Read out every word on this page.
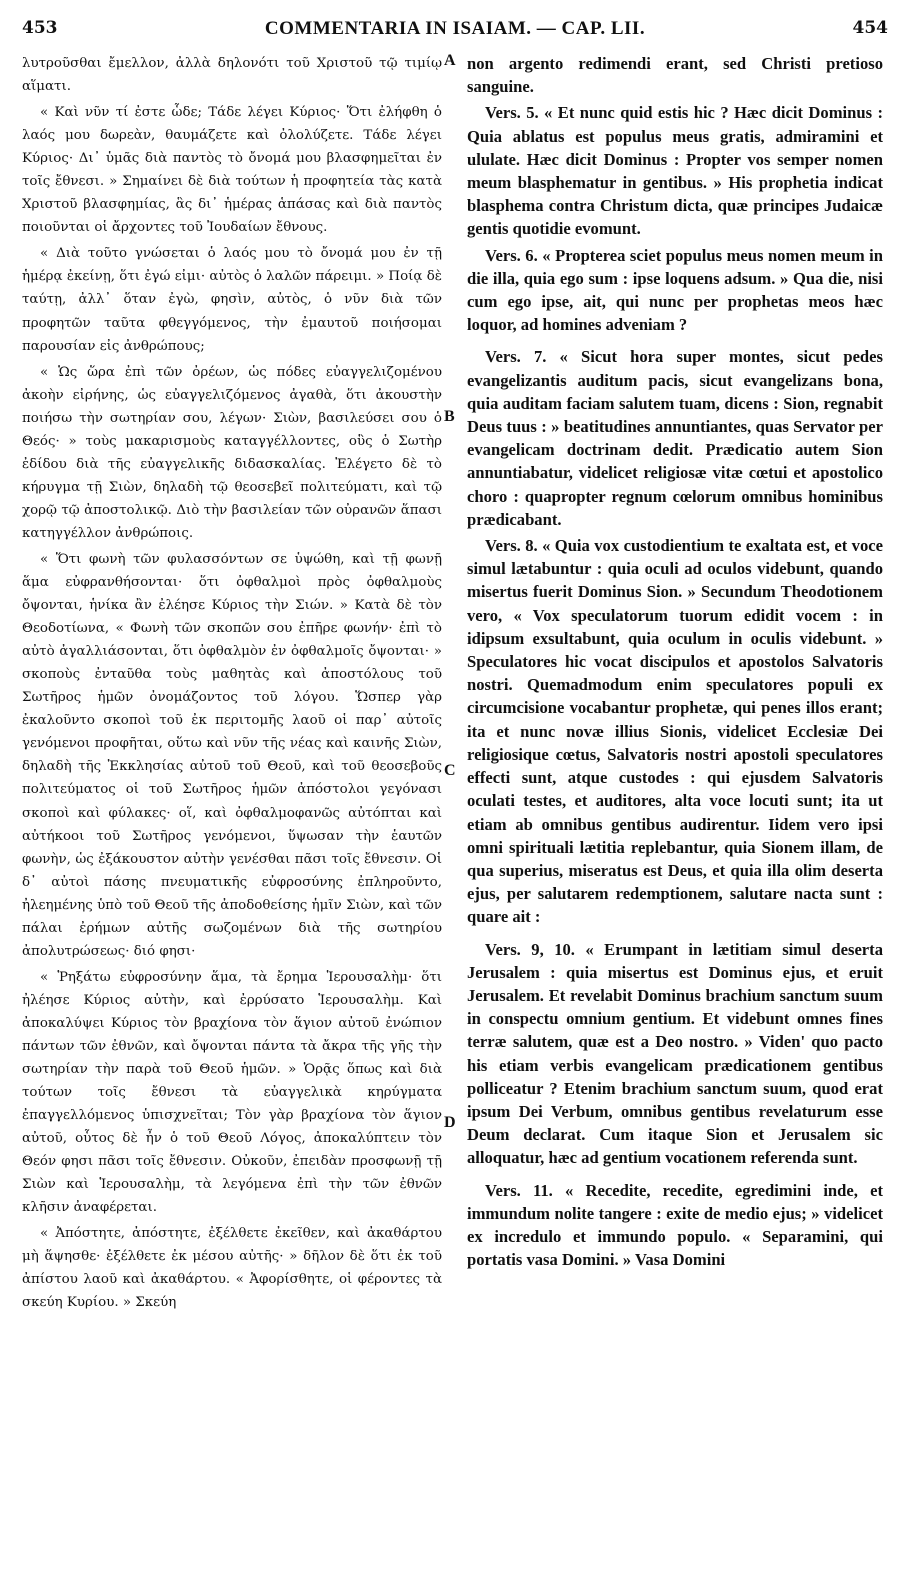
453	COMMENTARIA IN ISAIAM. — CAP. LII.	454

λυτροῦσθαι ἔμελλον, ἀλλὰ δηλονότι τοῦ Χριστοῦ τῷ τιμίῳ αἵματι.

« Καὶ νῦν τί ἐστε ὧδε; Τάδε λέγει Κύριος· Ὅτι ἐλήφθη ὁ λαός μου δωρεὰν, θαυμάζετε καὶ ὀλολύζετε. Τάδε λέγει Κύριος· Δι᾽ ὑμᾶς διὰ παντὸς τὸ ὄνομά μου βλασφημεῖται ἐν τοῖς ἔθνεσι. » Σημαίνει δὲ διὰ τούτων ἡ προφητεία τὰς κατὰ Χριστοῦ βλασφημίας, ἃς δι᾽ ἡμέρας ἁπάσας καὶ διὰ παντὸς ποιοῦνται οἱ ἄρχοντες τοῦ Ἰουδαίων ἔθνους.

« Διὰ τοῦτο γνώσεται ὁ λαός μου τὸ ὄνομά μου ἐν τῇ ἡμέρᾳ ἐκείνῃ, ὅτι ἐγώ εἰμι· αὐτὸς ὁ λαλῶν πάρειμι. » Ποίᾳ δὲ ταύτῃ, ἀλλ᾽ ὅταν ἐγὼ, φησὶν, αὐτὸς, ὁ νῦν διὰ τῶν προφητῶν ταῦτα φθεγγόμενος, τὴν ἐμαυτοῦ ποιήσομαι παρουσίαν εἰς ἀνθρώπους;

« Ὡς ὥρα ἐπὶ τῶν ὀρέων, ὡς πόδες εὐαγγελιζομένου ἀκοὴν εἰρήνης, ὡς εὐαγγελιζόμενος ἀγαθὰ, ὅτι ἀκουστὴν ποιήσω τὴν σωτηρίαν σου, λέγων· Σιὼν, βασιλεύσει σου ὁ Θεός· » τοὺς μακαρισμοὺς καταγγέλλοντες, οὓς ὁ Σωτὴρ ἐδίδου διὰ τῆς εὐαγγελικῆς διδασκαλίας. Ἐλέγετο δὲ τὸ κήρυγμα τῇ Σιὼν, δηλαδὴ τῷ θεοσεβεῖ πολιτεύματι, καὶ τῷ χορῷ τῷ ἀποστολικῷ. Διὸ τὴν βασιλείαν τῶν οὐρανῶν ἅπασι κατηγγέλλον ἀνθρώποις.

« Ὅτι φωνὴ τῶν φυλασσόντων σε ὑψώθη, καὶ τῇ φωνῇ ἅμα εὐφρανθήσονται· ὅτι ὀφθαλμοὶ πρὸς ὀφθαλμοὺς ὄψονται, ἡνίκα ἂν ἐλέησε Κύριος τὴν Σιών. » Κατὰ δὲ τὸν Θεοδοτίωνα, « Φωνὴ τῶν σκοπῶν σου ἐπῆρε φωνήν· ἐπὶ τὸ αὐτὸ ἀγαλλιάσονται, ὅτι ὀφθαλμὸν ἐν ὀφθαλμοῖς ὄψονται· » σκοποὺς ἐνταῦθα τοὺς μαθητὰς καὶ ἀποστόλους τοῦ Σωτῆρος ἡμῶν ὀνομάζοντος τοῦ λόγου. Ὥσπερ γὰρ ἐκαλοῦντο σκοποὶ τοῦ ἐκ περιτομῆς λαοῦ οἱ παρ᾽ αὐτοῖς γενόμενοι προφῆται, οὕτω καὶ νῦν τῆς νέας καὶ καινῆς Σιὼν, δηλαδὴ τῆς Ἐκκλησίας αὐτοῦ τοῦ Θεοῦ, καὶ τοῦ θεοσεβοῦς πολιτεύματος οἱ τοῦ Σωτῆρος ἡμῶν ἀπόστολοι γεγόνασι σκοποὶ καὶ φύλακες· οἵ, καὶ ὀφθαλμοφανῶς αὐτόπται καὶ αὐτήκοοι τοῦ Σωτῆρος γενόμενοι, ὕψωσαν τὴν ἑαυτῶν φωνὴν, ὡς ἐξάκουστον αὐτὴν γενέσθαι πᾶσι τοῖς ἔθνεσιν. Οἱ δ᾽ αὐτοὶ πάσης πνευματικῆς εὐφροσύνης ἐπληροῦντο, ἠλεημένης ὑπὸ τοῦ Θεοῦ τῆς ἀποδοθείσης ἡμῖν Σιὼν, καὶ τῶν πάλαι ἐρήμων αὐτῆς σωζομένων διὰ τῆς σωτηρίου ἀπολυτρώσεως· διό φησι·

« Ῥηξάτω εὐφροσύνην ἅμα, τὰ ἔρημα Ἱερουσαλὴμ· ὅτι ἠλέησε Κύριος αὐτὴν, καὶ ἐρρύσατο Ἱερουσαλὴμ. Καὶ ἀποκαλύψει Κύριος τὸν βραχίονα τὸν ἅγιον αὐτοῦ ἐνώπιον πάντων τῶν ἐθνῶν, καὶ ὄψονται πάντα τὰ ἄκρα τῆς γῆς τὴν σωτηρίαν τὴν παρὰ τοῦ Θεοῦ ἡμῶν. » Ὁρᾷς ὅπως καὶ διὰ τούτων τοῖς ἔθνεσι τὰ εὐαγγελικὰ κηρύγματα ἐπαγγελλόμενος ὑπισχνεῖται; Τὸν γὰρ βραχίονα τὸν ἅγιον αὐτοῦ, οὗτος δὲ ἦν ὁ τοῦ Θεοῦ Λόγος, ἀποκαλύπτειν τὸν Θεόν φησι πᾶσι τοῖς ἔθνεσιν. Οὐκοῦν, ἐπειδὰν προσφωνῇ τῇ Σιὼν καὶ Ἱερουσαλὴμ, τὰ λεγόμενα ἐπὶ τὴν τῶν ἐθνῶν κλῆσιν ἀναφέρεται.

« Ἀπόστητε, ἀπόστητε, ἐξέλθετε ἐκεῖθεν, καὶ ἀκαθάρτου μὴ ἅψησθε· ἐξέλθετε ἐκ μέσου αὐτῆς· » δῆλον δὲ ὅτι ἐκ τοῦ ἀπίστου λαοῦ καὶ ἀκαθάρτου. « Ἀφορίσθητε, οἱ φέροντες τὰ σκεύη Κυρίου. » Σκεύη

A
B
C
D

non argento redimendi erant, sed Christi pretioso sanguine.

Vers. 5. « Et nunc quid estis hic ? Hæc dicit Dominus : Quia ablatus est populus meus gratis, admiramini et ululate. Hæc dicit Dominus : Propter vos semper nomen meum blasphematur in gentibus. » His prophetia indicat blasphema contra Christum dicta, quæ principes Judaicæ gentis quotidie evomunt.

Vers. 6. « Propterea sciet populus meus nomen meum in die illa, quia ego sum : ipse loquens adsum. » Qua die, nisi cum ego ipse, ait, qui nunc per prophetas meos hæc loquor, ad homines adveniam ?

Vers. 7. « Sicut hora super montes, sicut pedes evangelizantis auditum pacis, sicut evangelizans bona, quia auditam faciam salutem tuam, dicens : Sion, regnabit Deus tuus : » beatitudines annuntiantes, quas Servator per evangelicam doctrinam dedit. Prædicatio autem Sion annuntiabatur, videlicet religiosæ vitæ cœtui et apostolico choro : quapropter regnum cœlorum omnibus hominibus prædicabant.

Vers. 8. « Quia vox custodientium te exaltata est, et voce simul lætabuntur : quia oculi ad oculos videbunt, quando misertus fuerit Dominus Sion. » Secundum Theodotionem vero, « Vox speculatorum tuorum edidit vocem : in idipsum exsultabunt, quia oculum in oculis videbunt. » Speculatores hic vocat discipulos et apostolos Salvatoris nostri. Quemadmodum enim speculatores populi ex circumcisione vocabantur prophetæ, qui penes illos erant; ita et nunc novæ illius Sionis, videlicet Ecclesiæ Dei religiosique cœtus, Salvatoris nostri apostoli speculatores effecti sunt, atque custodes : qui ejusdem Salvatoris oculati testes, et auditores, alta voce locuti sunt; ita ut etiam ab omnibus gentibus audirentur. Iidem vero ipsi omni spirituali lætitia replebantur, quia Sionem illam, de qua superius, miseratus est Deus, et quia illa olim deserta ejus, per salutarem redemptionem, salutare nacta sunt : quare ait :

Vers. 9, 10. « Erumpant in lætitiam simul deserta Jerusalem : quia misertus est Dominus ejus, et eruit Jerusalem. Et revelabit Dominus brachium sanctum suum in conspectu omnium gentium. Et videbunt omnes fines terræ salutem, quæ est a Deo nostro. » Viden' quo pacto his etiam verbis evangelicam prædicationem gentibus polliceatur ? Etenim brachium sanctum suum, quod erat ipsum Dei Verbum, omnibus gentibus revelaturum esse Deum declarat. Cum itaque Sion et Jerusalem sic alloquatur, hæc ad gentium vocationem referenda sunt.

Vers. 11. « Recedite, recedite, egredimini inde, et immundum nolite tangere : exite de medio ejus; » videlicet ex incredulo et immundo populo. « Separamini, qui portatis vasa Domini. » Vasa Domini
